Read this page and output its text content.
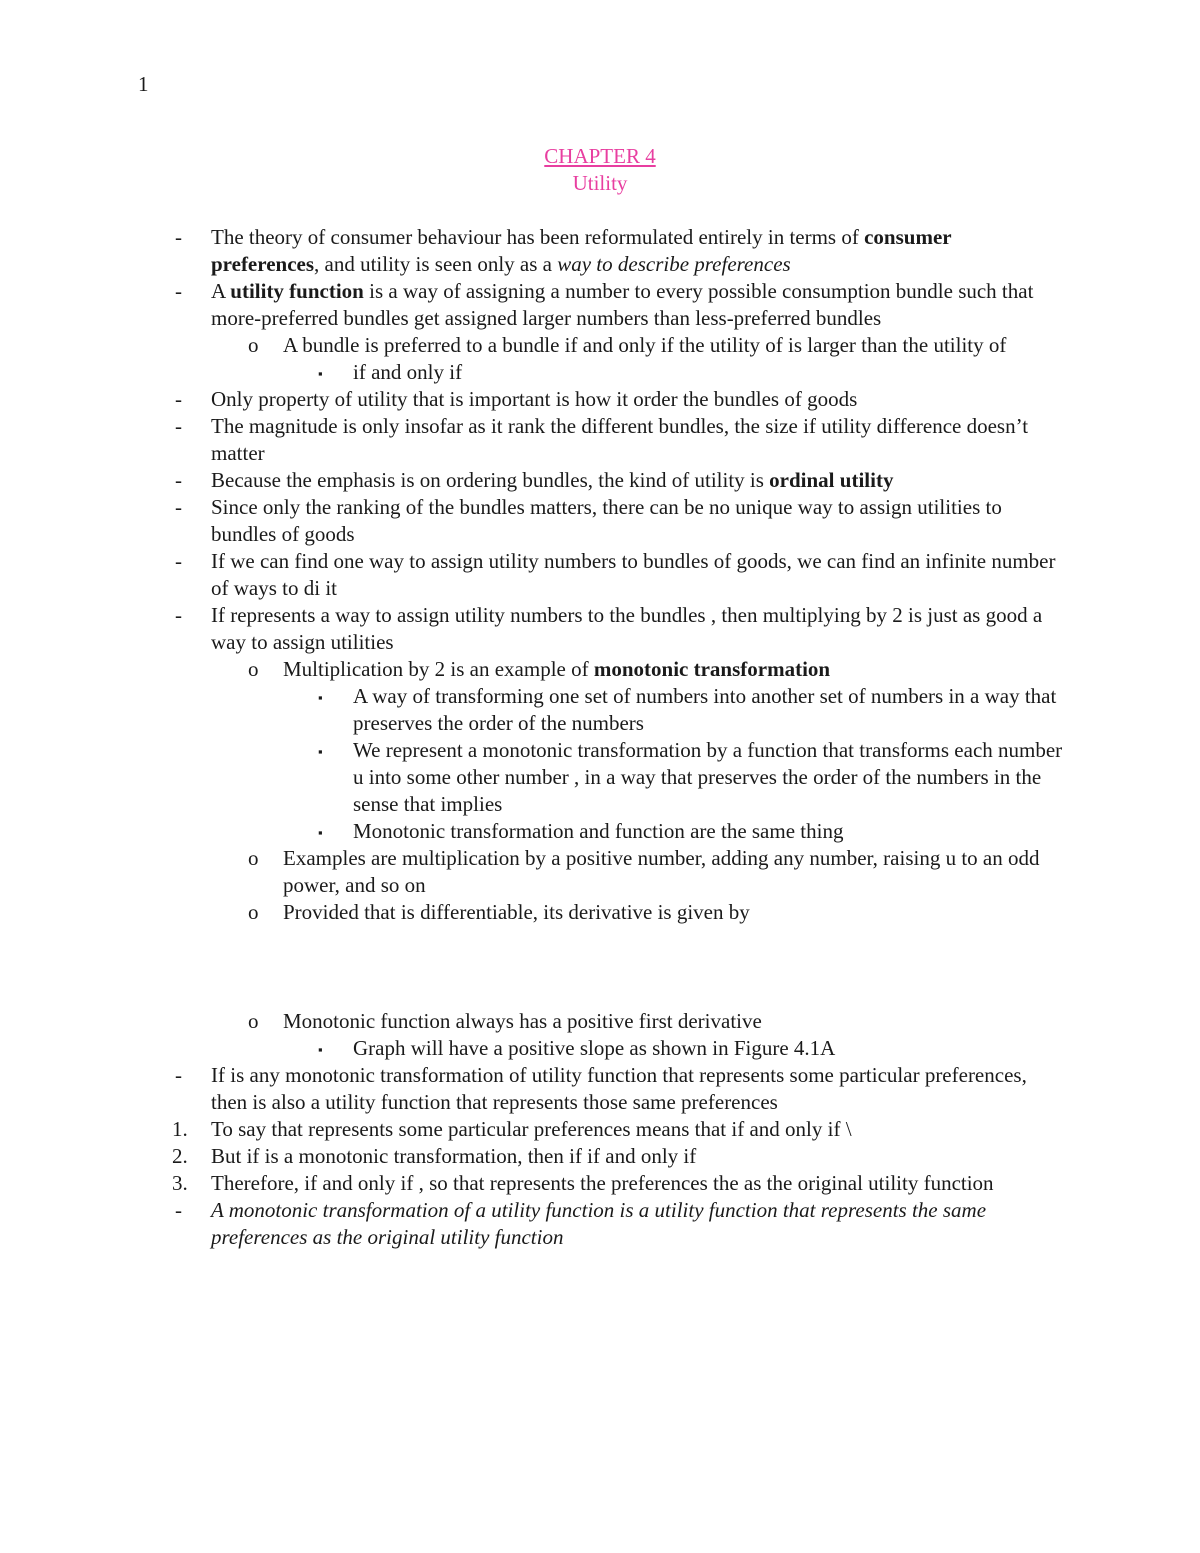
1
CHAPTER 4
Utility
- The theory of consumer behaviour has been reformulated entirely in terms of consumer preferences, and utility is seen only as a way to describe preferences
- A utility function is a way of assigning a number to every possible consumption bundle such that more-preferred bundles get assigned larger numbers than less-preferred bundles
o A bundle is preferred to a bundle if and only if the utility of is larger than the utility of
▪ if and only if
- Only property of utility that is important is how it order the bundles of goods
- The magnitude is only insofar as it rank the different bundles, the size if utility difference doesn’t matter
- Because the emphasis is on ordering bundles, the kind of utility is ordinal utility
- Since only the ranking of the bundles matters, there can be no unique way to assign utilities to bundles of goods
- If we can find one way to assign utility numbers to bundles of goods, we can find an infinite number of ways to di it
- If represents a way to assign utility numbers to the bundles , then multiplying by 2 is just as good a way to assign utilities
o Multiplication by 2 is an example of monotonic transformation
▪ A way of transforming one set of numbers into another set of numbers in a way that preserves the order of the numbers
▪ We represent a monotonic transformation by a function that transforms each number u into some other number , in a way that preserves the order of the numbers in the sense that implies
▪ Monotonic transformation and function are the same thing
o Examples are multiplication by a positive number, adding any number, raising u to an odd power, and so on
o Provided that is differentiable, its derivative is given by
o Monotonic function always has a positive first derivative
▪ Graph will have a positive slope as shown in Figure 4.1A
- If is any monotonic transformation of utility function that represents some particular preferences, then is also a utility function that represents those same preferences
1. To say that represents some particular preferences means that if and only if \
2. But if is a monotonic transformation, then if if and only if
3. Therefore, if and only if , so that represents the preferences the as the original utility function
- A monotonic transformation of a utility function is a utility function that represents the same preferences as the original utility function
